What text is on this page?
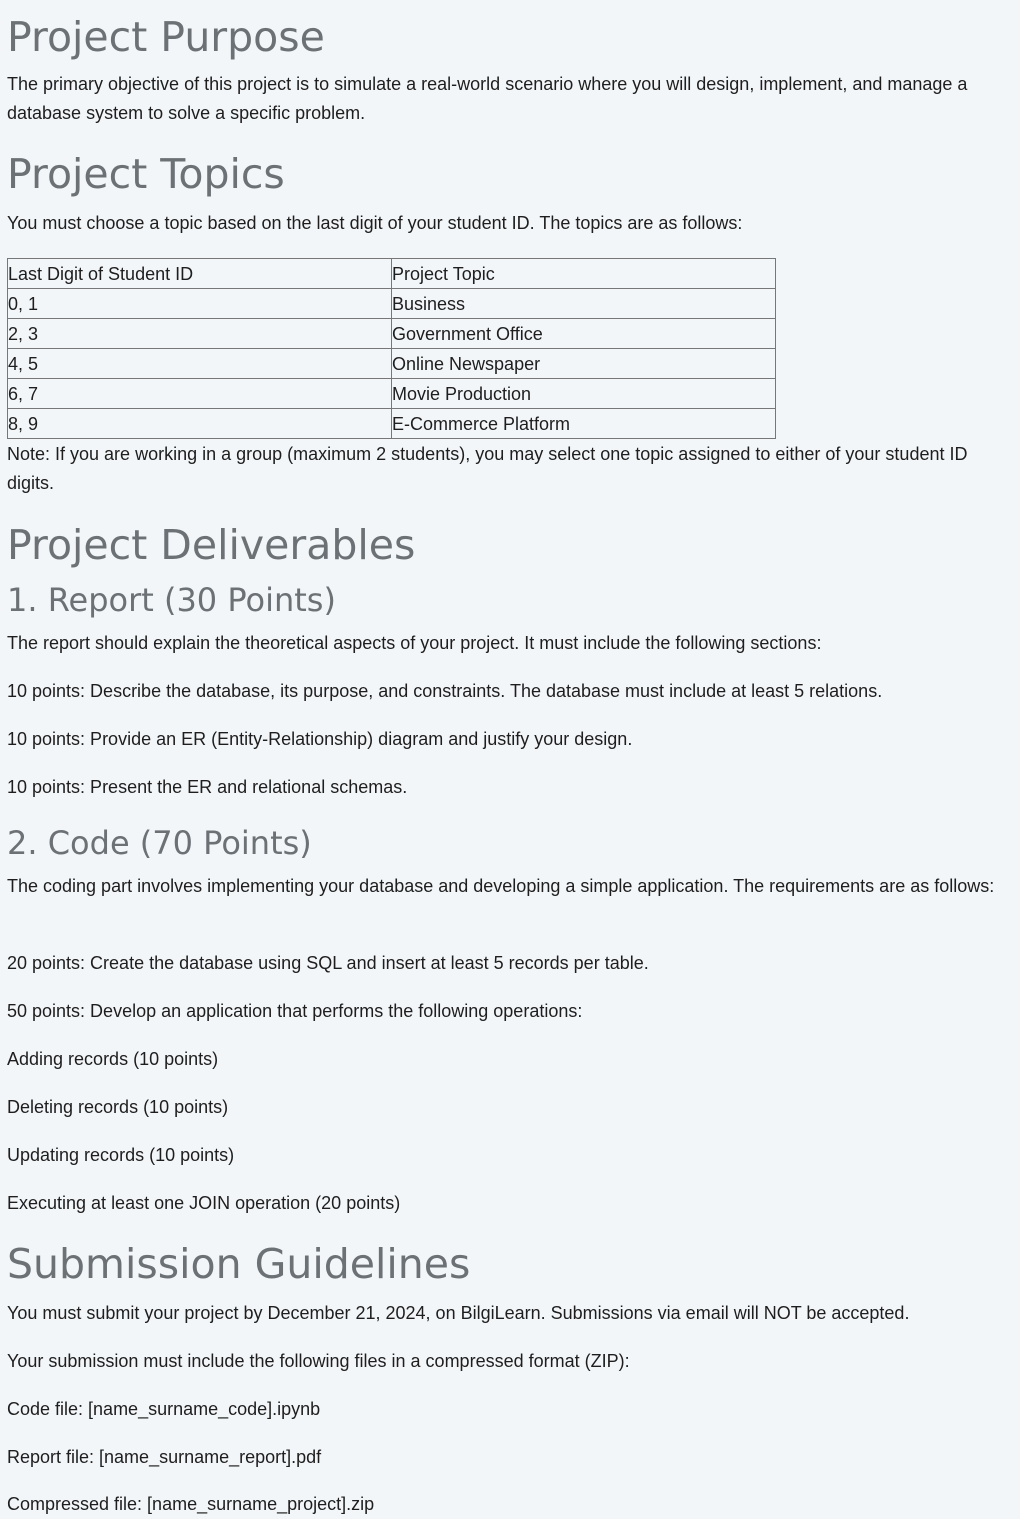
Project Purpose

The primary objective of this project is to simulate a real-world scenario where you will design, implement, and manage a database system to solve a specific problem.

Project Topics

You must choose a topic based on the last digit of your student ID. The topics are as follows:

Last Digit of Student ID	Project Topic
0, 1	Business
2, 3	Government Office
4, 5	Online Newspaper
6, 7	Movie Production
8, 9	E-Commerce Platform

Note: If you are working in a group (maximum 2 students), you may select one topic assigned to either of your student ID digits.

Project Deliverables
1. Report (30 Points)

The report should explain the theoretical aspects of your project. It must include the following sections:

10 points: Describe the database, its purpose, and constraints. The database must include at least 5 relations.

10 points: Provide an ER (Entity-Relationship) diagram and justify your design.

10 points: Present the ER and relational schemas.

2. Code (70 Points)

The coding part involves implementing your database and developing a simple application. The requirements are as follows:

20 points: Create the database using SQL and insert at least 5 records per table.

50 points: Develop an application that performs the following operations:

Adding records (10 points)

Deleting records (10 points)

Updating records (10 points)

Executing at least one JOIN operation (20 points)

Submission Guidelines

You must submit your project by December 21, 2024, on BilgiLearn. Submissions via email will NOT be accepted.

Your submission must include the following files in a compressed format (ZIP):

Code file: [name_surname_code].ipynb

Report file: [name_surname_report].pdf

Compressed file: [name_surname_project].zip
